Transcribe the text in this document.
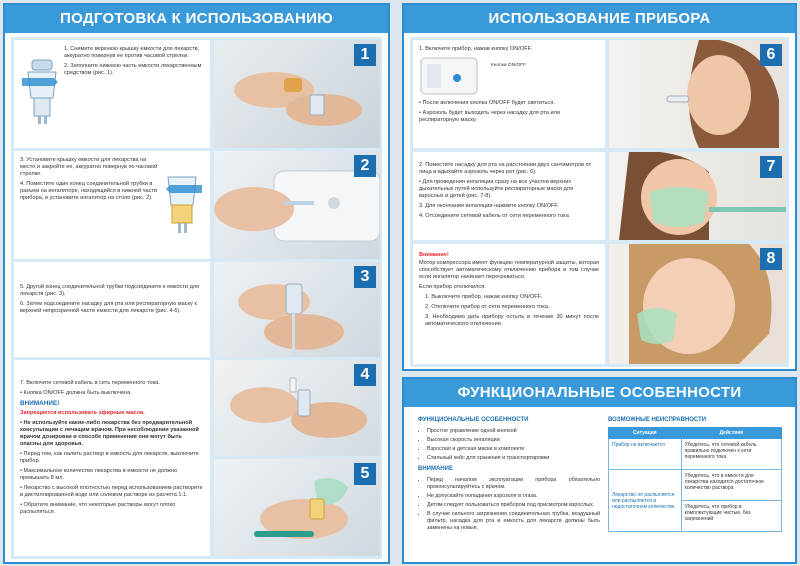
ПОДГОТОВКА К ИСПОЛЬЗОВАНИЮ

1. Снимите верхнюю крышку емкости для лекарств, аккуратно повернув ее против часовой стрелки.

2. Заполните нижнюю часть емкости лекарственным средством (рис. 1).

1

3. Установите крышку емкости для лекарства на место и закройте ее, аккуратно повернув по часовой стрелке.

4. Поместите один конец соединительной трубки в разъем на ингаляторе, находящийся в нижней части прибора, и установите ингалятор на столе (рис. 2).

2

5. Другой конец соединительной трубки подсоедините к емкости для лекарств (рис. 3).

6. Затем подсоедините насадку для рта или респираторную маску к верхней непрозрачной части емкости для лекарств (рис. 4-5).

3

7. Включите сетевой кабель в сеть переменного тока.

• Кнопка ON/OFF должна быть выключена.

ВНИМАНИЕ!

Запрещается использовать эфирные масла.

• Не используйте какие-либо лекарства без предварительной консультации с лечащим врачом. При несоблюдении указанной врачом дозировки и способе применения они могут быть опасны для здоровья.

• Перед тем, как налить раствор в емкость для лекарств, выключите прибор.

• Максимальное количество лекарства в емкости не должно превышать 8 мл.

• Лекарство с высокой плотностью перед использованием растворите в дистиллированной воде или солевом растворе из расчета 1:1.

• Обратите внимание, что некоторые растворы могут плохо распыляться.

4
5
ИСПОЛЬЗОВАНИЕ ПРИБОРА

1. Включите прибор, нажав кнопку ON/OFF.

Кнопка ON/OFF

• После включения кнопка ON/OFF будет светиться.

• Аэрозоль будет выходить через насадку для рта или респираторную маску.

2. Поместите насадку для рта на расстоянии двух сантиметров от лица и вдыхайте аэрозоль через рот (рис. 6).

• Для проведения ингаляции сразу на все участки верхних дыхательных путей используйте респираторные маски для взрослых и детей (рис. 7-8).

3. Для окончания ингаляции нажмите кнопку ON/OFF.

4. Отсоедините сетевой кабель от сети переменного тока

Внимание!

Мотор компрессора имеет функцию температурной защиты, которая способствует автоматическому отключению прибора в том случае если ингалятор начинает перегреваться.

Если прибор отключился:

1. Выключите прибор, нажав кнопку ON/OFF.

2. Отключите прибор от сети переменного тока.

3. Необходимо дать прибору остыть в течение 30 минут после автоматического отключения.

6
7
8
ФУНКЦИОНАЛЬНЫЕ ОСОБЕННОСТИ
ФУНКЦИОНАЛЬНЫЕ ОСОБЕННОСТИ
• Простое управление одной кнопкой
• Высокая скорость ингаляции
• Взрослая и детская маски в комплекте
• Стильный кейс для хранения и транспортировки
ВНИМАНИЕ
• Перед началом эксплуатации прибора обязательно проконсультируйтесь с врачом.
• Не допускайте попадания аэрозоля в глаза.
• Детям следует пользоваться прибором под присмотром взрослых.
• В случае сильного загрязнения соединительная трубка, воздушный фильтр, насадка для рта и емкость для лекарств должны быть заменены на новые.
ВОЗМОЖНЫЕ НЕИСПРАВНОСТИ
Ситуация	Действия
Прибор не включается	Убедитесь, что сетевой кабель правильно подключен к сети переменного тока
Лекарство не распыляется или распыляется в недостаточном количестве	Убедитесь, что в емкости для лекарства находится достаточное количество раствора
	Убедитесь, что прибор в комплектующие чистые, без загрязнений
